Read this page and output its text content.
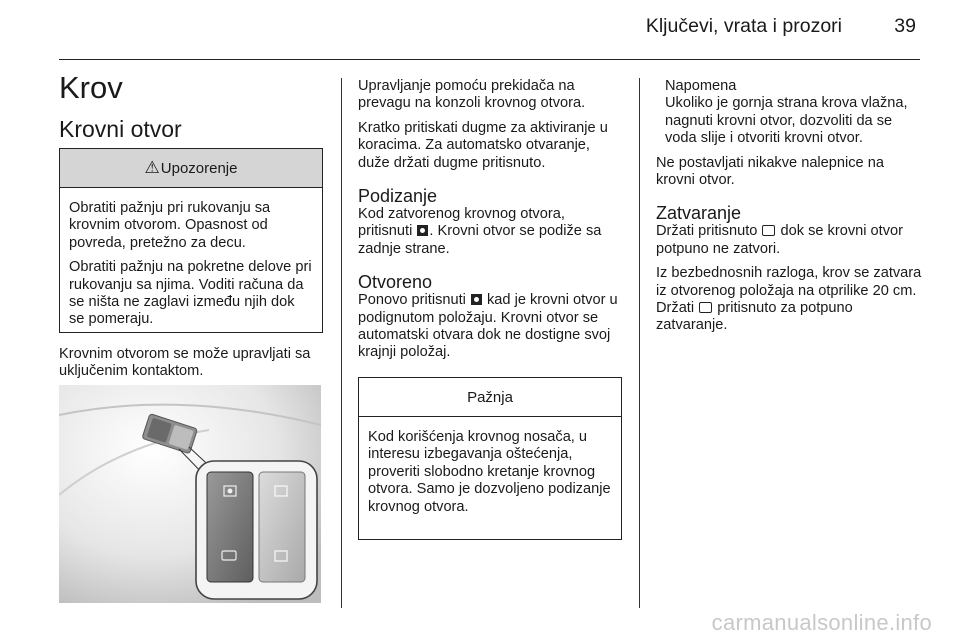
Ključevi, vrata i prozori	39
Krov
Krovni otvor
⚠ Upozorenje

Obratiti pažnju pri rukovanju sa krovnim otvorom. Opasnost od povreda, pretežno za decu.

Obratiti pažnju na pokretne delove pri rukovanju sa njima. Voditi računa da se ništa ne zaglavi između njih dok se pomeraju.

Krovnim otvorom se može upravljati sa uključenim kontaktom.

Upravljanje pomoću prekidača na prevagu na konzoli krovnog otvora.

Kratko pritiskati dugme za aktiviranje u koracima. Za automatsko otvaranje, duže držati dugme pritisnuto.

Podizanje

Kod zatvorenog krovnog otvora,
pritisnuti . Krovni otvor se podiže sa zadnje strane.

Otvoreno

Ponovo pritisnuti  kad je krovni otvor u podignutom položaju. Krovni otvor se automatski otvara dok ne dostigne svoj krajnji položaj.

Pažnja

Kod korišćenja krovnog nosača, u interesu izbegavanja oštećenja, proveriti slobodno kretanje krovnog otvora. Samo je dozvoljeno podizanje krovnog otvora.

Napomena

Ukoliko je gornja strana krova vlažna, nagnuti krovni otvor, dozvoliti da se voda slije i otvoriti krovni otvor.

Ne postavljati nikakve nalepnice na krovni otvor.

Zatvaranje

Držati pritisnuto  dok se krovni otvor potpuno ne zatvori.

Iz bezbednosnih razloga, krov se zatvara iz otvorenog položaja na otprilike 20 cm. Držati  pritisnuto za potpuno zatvaranje.

carmanualsonline.info
